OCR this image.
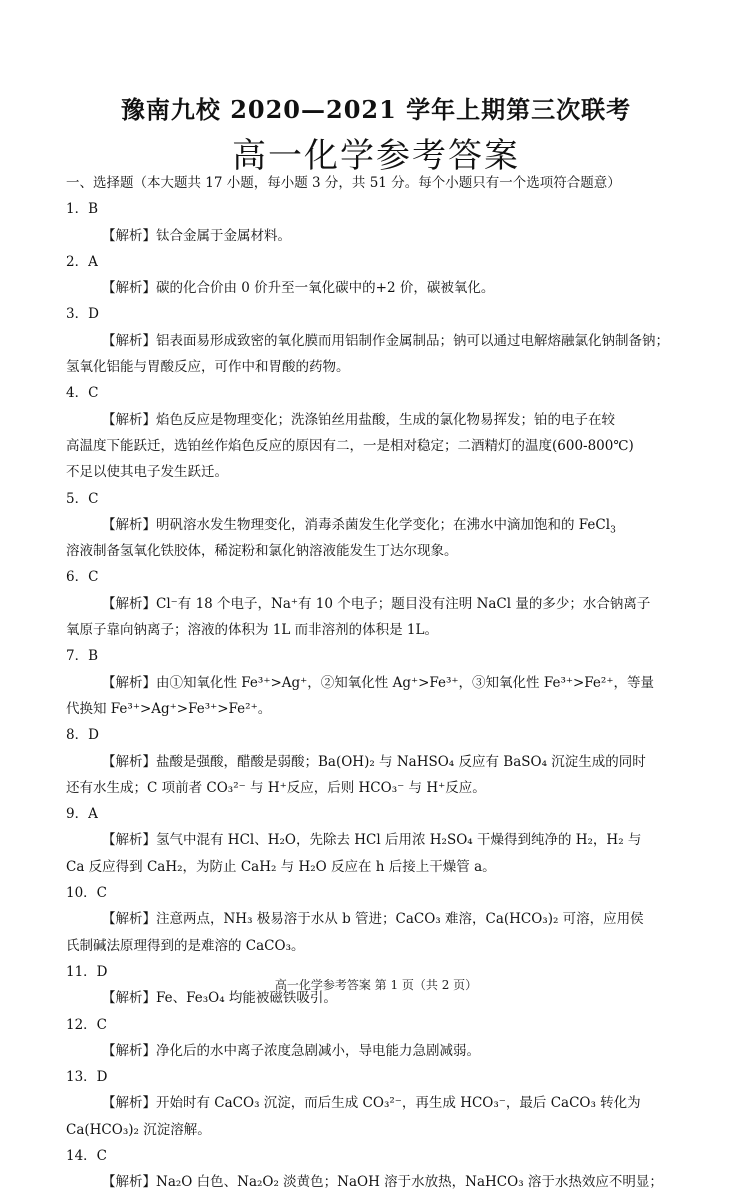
豫南九校 2020—2021 学年上期第三次联考
高一化学参考答案
一、选择题（本大题共 17 小题，每小题 3 分，共 51 分。每个小题只有一个选项符合题意）
1．B
【解析】钛合金属于金属材料。
2．A
【解析】碳的化合价由 0 价升至一氧化碳中的+2 价，碳被氧化。
3．D
【解析】铝表面易形成致密的氧化膜而用铝制作金属制品；钠可以通过电解熔融氯化钠制备钠；
氢氧化铝能与胃酸反应，可作中和胃酸的药物。
4．C
【解析】焰色反应是物理变化；洗涤铂丝用盐酸，生成的氯化物易挥发；铂的电子在较
高温度下能跃迁，选铂丝作焰色反应的原因有二，一是相对稳定；二酒精灯的温度(600-800℃)
不足以使其电子发生跃迁。
5．C
【解析】明矾溶水发生物理变化，消毒杀菌发生化学变化；在沸水中滴加饱和的 FeCl$_3$
溶液制备氢氧化铁胶体，稀淀粉和氯化钠溶液能发生丁达尔现象。
6．C
【解析】Cl⁻有 18 个电子，Na⁺有 10 个电子；题目没有注明 NaCl 量的多少；水合钠离子
氧原子靠向钠离子；溶液的体积为 1L 而非溶剂的体积是 1L。
7．B
【解析】由①知氧化性 Fe³⁺>Ag⁺，②知氧化性 Ag⁺>Fe³⁺，③知氧化性 Fe³⁺>Fe²⁺，等量
代换知 Fe³⁺>Ag⁺>Fe³⁺>Fe²⁺。
8．D
【解析】盐酸是强酸，醋酸是弱酸；Ba(OH)₂ 与 NaHSO₄ 反应有 BaSO₄ 沉淀生成的同时
还有水生成；C 项前者 CO₃²⁻ 与 H⁺反应，后则 HCO₃⁻ 与 H⁺反应。
9．A
【解析】氢气中混有 HCl、H₂O，先除去 HCl 后用浓 H₂SO₄ 干燥得到纯净的 H₂，H₂ 与
Ca 反应得到 CaH₂，为防止 CaH₂ 与 H₂O 反应在 h 后接上干燥管 a。
10．C
【解析】注意两点，NH₃ 极易溶于水从 b 管进；CaCO₃ 难溶，Ca(HCO₃)₂ 可溶，应用侯
氏制碱法原理得到的是难溶的 CaCO₃。
11．D
【解析】Fe、Fe₃O₄ 均能被磁铁吸引。
12．C
【解析】净化后的水中离子浓度急剧减小，导电能力急剧减弱。
13．D
【解析】开始时有 CaCO₃ 沉淀，而后生成 CO₃²⁻，再生成 HCO₃⁻，最后 CaCO₃ 转化为
Ca(HCO₃)₂ 沉淀溶解。
14．C
【解析】Na₂O 白色、Na₂O₂ 淡黄色；NaOH 溶于水放热，NaHCO₃ 溶于水热效应不明显；
高一化学参考答案 第 1 页（共 2 页）
